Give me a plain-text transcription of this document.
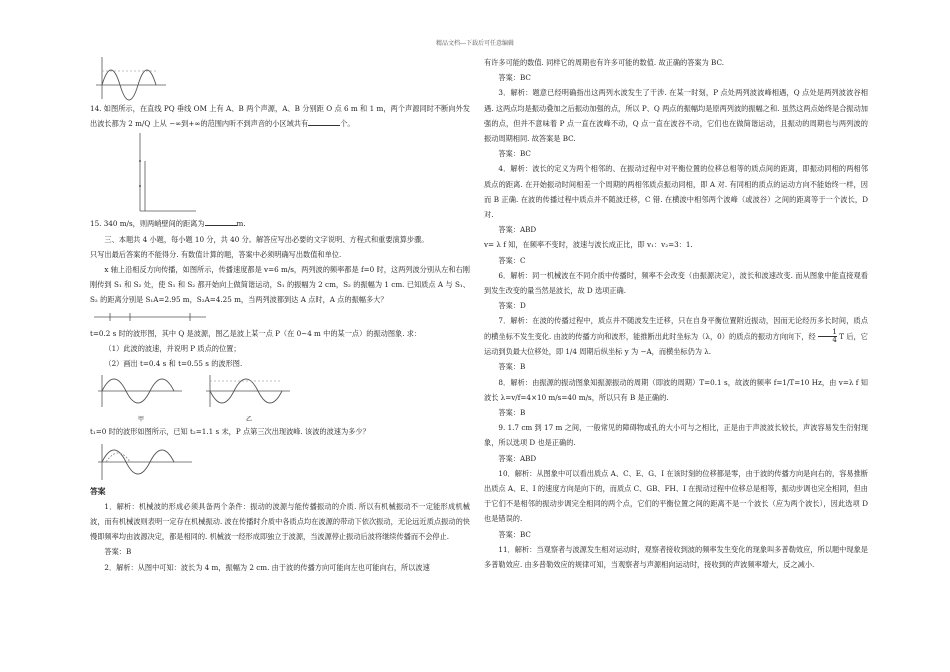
精品文档---下载后可任意编辑

14. 如图所示，在直线 PQ 垂线 OM 上有 A、B 两个声源，A、B 分别距 O 点 6 m 和 1 m，两个声源同时不断向外发出波长都为 2 m/Q 上从 −∞到+∞的范围内听不到声音的小区域共有	个。

15. 340 m/s，则两峭壁间的距离为	m.

三、本题共 4 小题，每小题 10 分，共 40 分。解答应写出必要的文字说明、方程式和重要演算步骤。

只写出最后答案的不能得分. 有数值计算的题，答案中必须明确写出数值和单位.

x 轴上沿相反方向传播，如图所示，传播速度都是 v=6 m/s，两列波的频率都是 f=0 时，这两列波分别从左和右刚刚传到 S₁ 和 S₂ 处，使 S₁ 和 S₂ 都开始向上做简谐运动，S₁ 的振幅为 2 cm，S₂ 的振幅为 1 cm. 已知质点 A 与 S₁、S₂ 的距离分别是 S₁A=2.95 m，S₂A=4.25 m，当两列波都到达 A 点时，A 点的振幅多大？

t=0.2 s 时的波形图，其中 Q 是波源，图乙是波上某一点 P（在 0~4 m 中的某一点）的振动图象. 求：

（1）此波的波速，并说明 P 质点的位置；

（2）画出 t=0.4 s 和 t=0.55 s 的波形图.

甲	乙

t₁=0 时的波形如图所示，已知 t₂=1.1 s 末，P 点第三次出现波峰. 该波的波速为多少？

答案

1．解析：机械波的形成必须具备两个条件：振动的波源与能传播振动的介质. 所以有机械振动不一定能形成机械波，而有机械波则表明一定存在机械振动. 波在传播时介质中各质点均在波源的带动下依次振动，无论远近质点振动的快慢即频率均由波源决定，都是相同的. 机械波一经形成即独立于波源，当波源停止振动后波将继续传播而不会停止.

答案：B

2．解析：从图中可知：波长为 4 m，振幅为 2 cm. 由于波的传播方向可能向左也可能向右，所以波速

有许多可能的数值. 同样它的周期也有许多可能的数值. 故正确的答案为 BC.

答案：BC

3．解析：题意已经明确指出这两列水波发生了干涉. 在某一时刻，P 点处两列波波峰相遇，Q 点处是两列波波谷相遇. 这两点均是振动叠加之后振动加强的点，所以 P、Q 两点的振幅均是原两列波的振幅之和. 虽然这两点始终是合振动加强的点，但并不意味着 P 点一直在波峰不动，Q 点一直在波谷不动，它们也在做简谐运动，且振动的周期也与两列波的振动周期相同. 故答案是 BC.

答案：BC

4．解析：波长的定义为两个相邻的、在振动过程中对平衡位置的位移总相等的质点间的距离，即振动同相的两相邻质点的距离. 在开始振动时间相差一个周期的两相邻质点振动同相，即 A 对. 有同相的质点的运动方向不能始终一样，因而 B 正确. 在波的传播过程中质点并不随波迁移，C 错. 在横波中相邻两个波峰（或波谷）之间的距离等于一个波长，D 对.

答案：ABD

v= λ f 知，在频率不变时，波速与波长成正比，即 v₁：v₂=3：1.

答案：C

6．解析：同一机械波在不同介质中传播时，频率不会改变（由振源决定），波长和波速改变. 而从图象中能直接观看到发生改变的量当然是波长，故 D 选项正确.

答案：D

7．解析：在波的传播过程中，质点并不随波发生迁移，只在自身平衡位置附近振动，因而无论经历多长时间，质点的横坐标不发生变化. 由波的传播方向和波形，能推断出此时坐标为（λ，0）的质点的振动方向向下，经 $\frac{1}{4}$ T 后，它运动到负最大位移处，即 1/4 周期后纵坐标 y 为 −A，而横坐标仍为 λ.

答案：B

8．解析：由振源的振动图象知振源振动的周期（即波的周期）T=0.1 s，故波的频率 f=1/T=10 Hz，由 v=λ f 知波长 λ=v/f=4×10 m/s=40 m/s，所以只有 B 是正确的.

答案：B

9. 1.7 cm 到 17 m 之间，一般常见的障碍物或孔的大小可与之相比，正是由于声波波长较长，声波容易发生衍射现象，所以选项 D 也是正确的.

答案：ABD

10．解析：从图象中可以看出质点 A、C、E、G、I 在该时刻的位移都是零，由于波的传播方向是向右的，容易推断出质点 A、E、I 的速度方向是向下的，而质点 C、GB、FH、I 在振动过程中位移总是相等，振动步调也完全相同，但由于它们不是相邻的振动步调完全相同的两个点，它们的平衡位置之间的距离不是一个波长（应为两个波长），因此选项 D 也是错误的.

答案：BC

11．解析：当观察者与波源发生相对运动时，观察者接收到波的频率发生变化的现象叫多普勒效应，所以题中现象是多普勒效应. 由多普勒效应的规律可知，当观察者与声源相向运动时，接收到的声波频率增大，反之减小.
